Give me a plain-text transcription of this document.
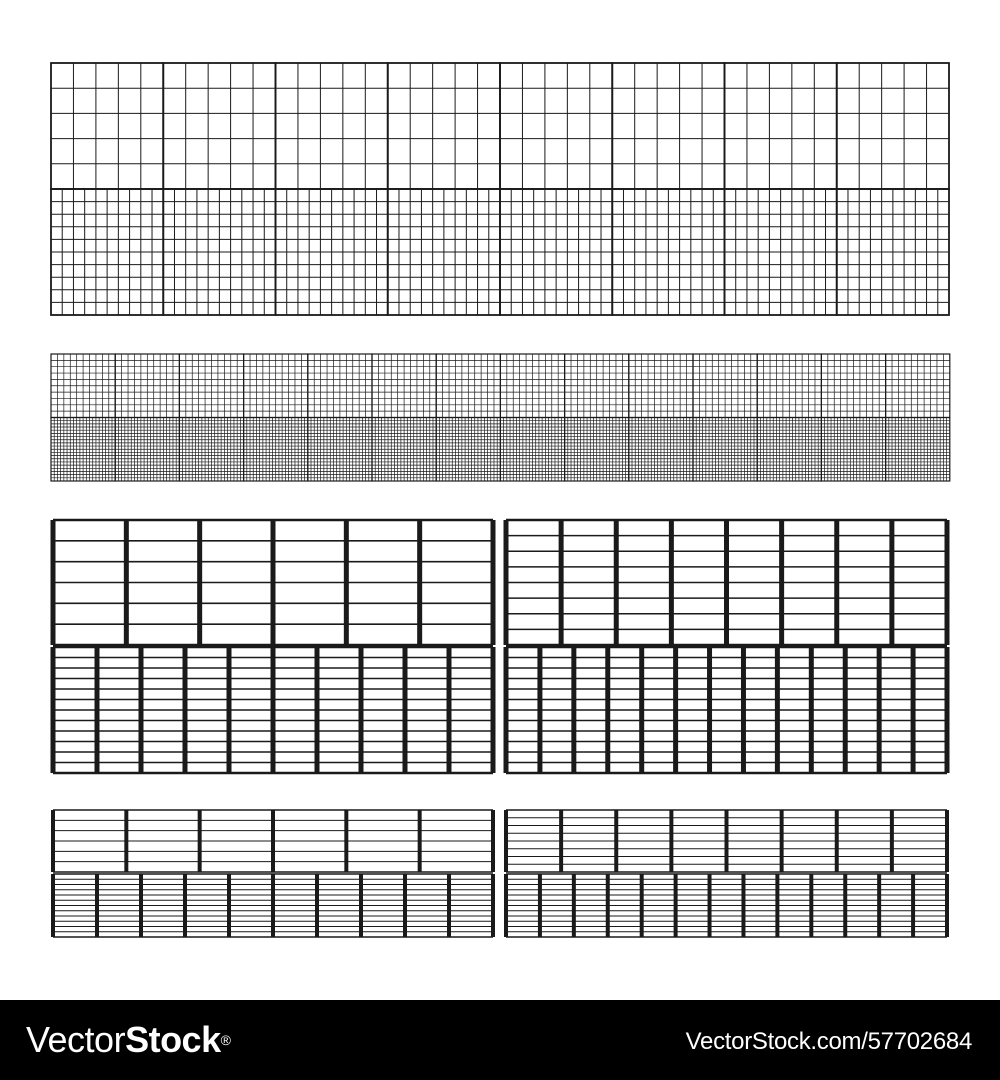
VectorStock®	VectorStock.com/57702684
